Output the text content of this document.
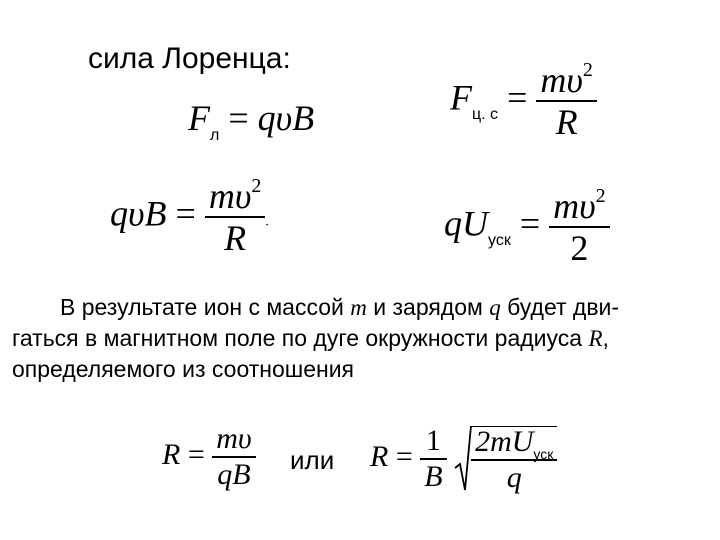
сила Лоренца:
$F_л = q\upsilon B$
$F_{ц. с} = \frac{m\upsilon^2}{R}$
$q\upsilon B = \frac{m\upsilon^2}{R}$ .	$qU_{уск} = \frac{m\upsilon^2}{2}$
В результате ион с массой m и зарядом q будет дви-
гаться в магнитном поле по дуге окружности радиуса R,
определяемого из соотношения
$R = \frac{m\upsilon}{qB}$ или $R = \frac{1}{B}$
$\frac{2mU_{уск}}{q}$
